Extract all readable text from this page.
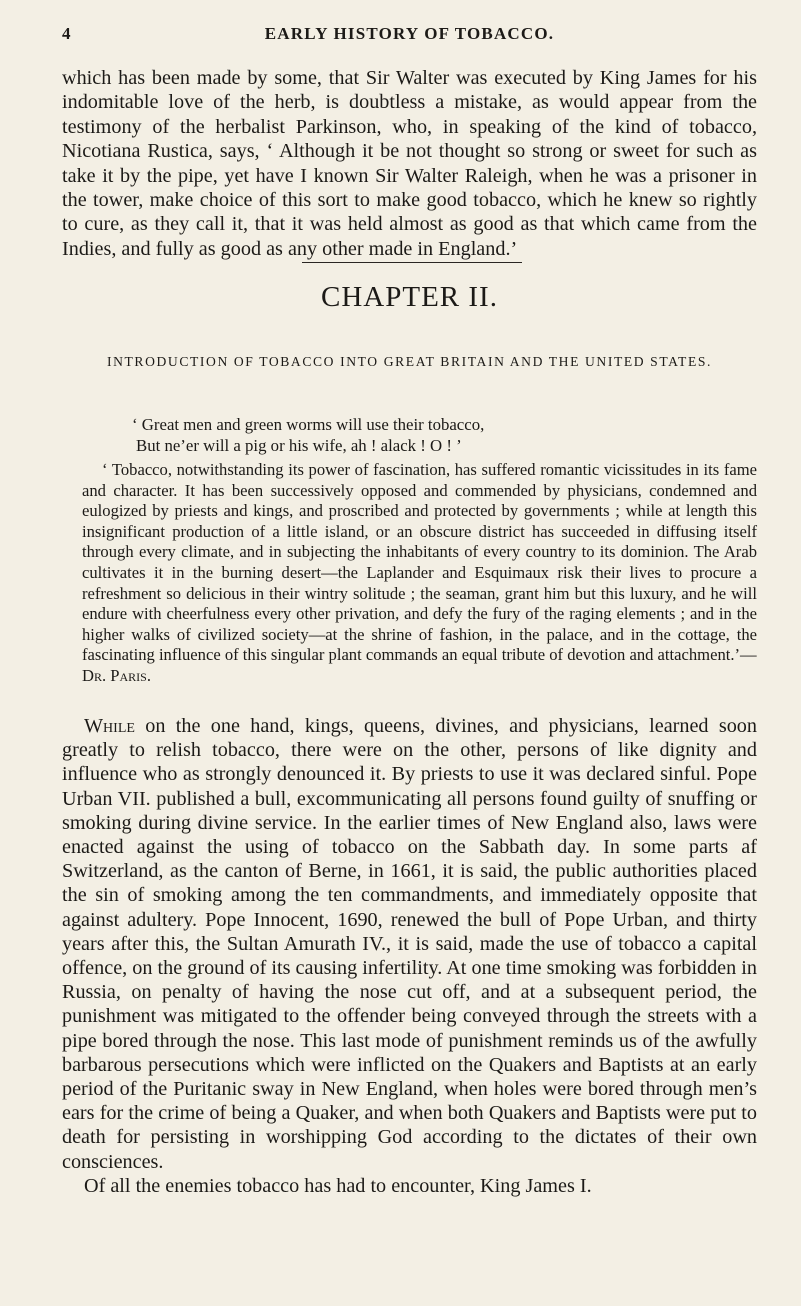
4	EARLY HISTORY OF TOBACCO.

which has been made by some, that Sir Walter was executed by King James for his indomitable love of the herb, is doubtless a mistake, as would appear from the testimony of the herbalist Parkinson, who, in speaking of the kind of tobacco, Nicotiana Rustica, says, ‘ Although it be not thought so strong or sweet for such as take it by the pipe, yet have I known Sir Walter Raleigh, when he was a prisoner in the tower, make choice of this sort to make good tobacco, which he knew so rightly to cure, as they call it, that it was held almost as good as that which came from the Indies, and fully as good as any other made in England.’

CHAPTER II.
INTRODUCTION OF TOBACCO INTO GREAT BRITAIN AND THE UNITED STATES.
‘ Great men and green worms will use their tobacco,
But ne’er will a pig or his wife, ah ! alack ! O ! ’

‘ Tobacco, notwithstanding its power of fascination, has suffered romantic vicissitudes in its fame and character. It has been successively opposed and commended by physicians, condemned and eulogized by priests and kings, and proscribed and protected by governments ; while at length this insignificant production of a little island, or an obscure district has succeeded in diffusing itself through every climate, and in subjecting the inhabitants of every country to its dominion. The Arab cultivates it in the burning desert—the Laplander and Esquimaux risk their lives to procure a refreshment so delicious in their wintry solitude ; the seaman, grant him but this luxury, and he will endure with cheerfulness every other privation, and defy the fury of the raging elements ; and in the higher walks of civilized society—at the shrine of fashion, in the palace, and in the cottage, the fascinating influence of this singular plant commands an equal tribute of devotion and attachment.’—
Dr. Paris.

While on the one hand, kings, queens, divines, and physicians, learned soon greatly to relish tobacco, there were on the other, persons of like dignity and influence who as strongly denounced it. By priests to use it was declared sinful. Pope Urban VII. published a bull, excommunicating all persons found guilty of snuffing or smoking during divine service. In the earlier times of New England also, laws were enacted against the using of tobacco on the Sabbath day. In some parts af Switzerland, as the canton of Berne, in 1661, it is said, the public authorities placed the sin of smoking among the ten commandments, and immediately opposite that against adultery. Pope Innocent, 1690, renewed the bull of Pope Urban, and thirty years after this, the Sultan Amurath IV., it is said, made the use of tobacco a capital offence, on the ground of its causing infertility. At one time smoking was forbidden in Russia, on penalty of having the nose cut off, and at a subsequent period, the punishment was mitigated to the offender being conveyed through the streets with a pipe bored through the nose. This last mode of punishment reminds us of the awfully barbarous persecutions which were inflicted on the Quakers and Baptists at an early period of the Puritanic sway in New England, when holes were bored through men’s ears for the crime of being a Quaker, and when both Quakers and Baptists were put to death for persisting in worshipping God according to the dictates of their own consciences.

Of all the enemies tobacco has had to encounter, King James I.
